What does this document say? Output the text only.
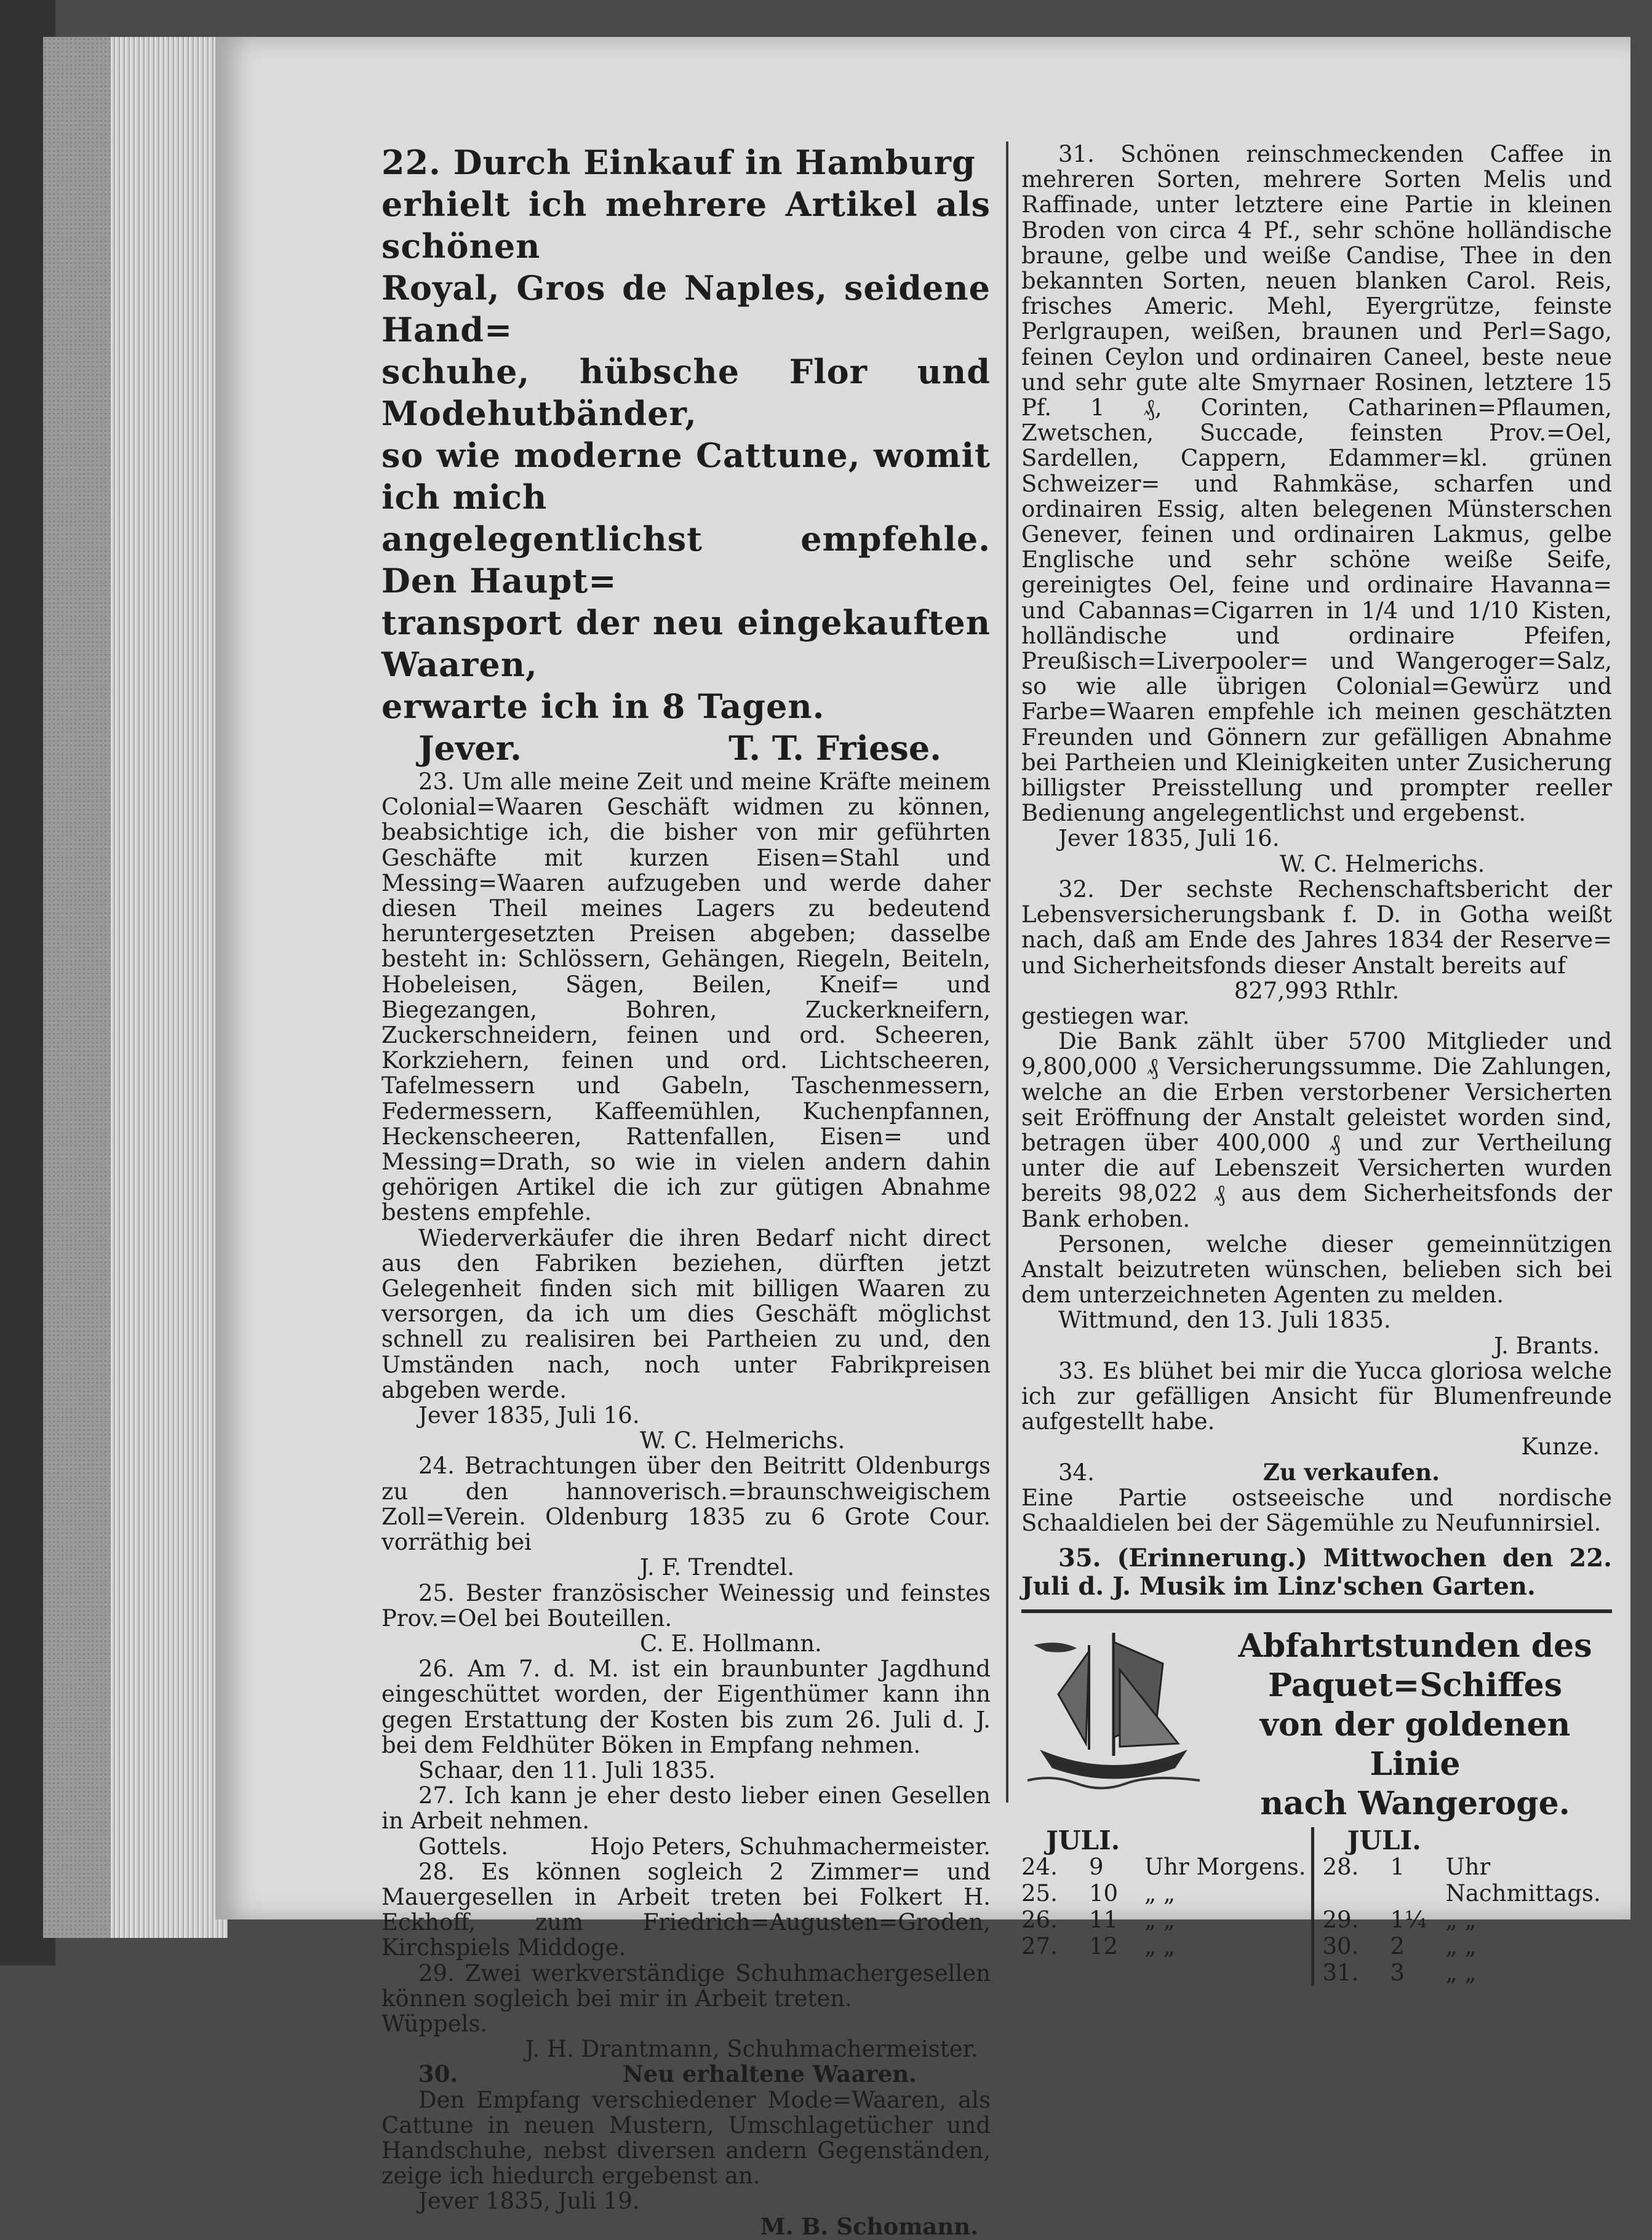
22. Durch Einkauf in Hamburg

erhielt ich mehrere Artikel als schönen

Royal, Gros de Naples, seidene Hand=

schuhe, hübsche Flor und Modehutbänder,

so wie moderne Cattune, womit ich mich

angelegentlichst empfehle. Den Haupt=

transport der neu eingekauften Waaren,

erwarte ich in 8 Tagen.

Jever.	T. T. Friese.

23. Um alle meine Zeit und meine Kräfte meinem Colonial=Waaren Geschäft widmen zu können, beabsichtige ich, die bisher von mir geführten Geschäfte mit kurzen Eisen=Stahl und Messing=Waaren aufzugeben und werde daher diesen Theil meines Lagers zu bedeutend heruntergesetzten Preisen abgeben; dasselbe besteht in: Schlössern, Gehängen, Riegeln, Beiteln, Hobeleisen, Sägen, Beilen, Kneif= und Biegezangen, Bohren, Zuckerkneifern, Zuckerschneidern, feinen und ord. Scheeren, Korkziehern, feinen und ord. Lichtscheeren, Tafelmessern und Gabeln, Taschenmessern, Federmessern, Kaffeemühlen, Kuchenpfannen, Heckenscheeren, Rattenfallen, Eisen= und Messing=Drath, so wie in vielen andern dahin gehörigen Artikel die ich zur gütigen Abnahme bestens empfehle.

Wiederverkäufer die ihren Bedarf nicht direct aus den Fabriken beziehen, dürften jetzt Gelegenheit finden sich mit billigen Waaren zu versorgen, da ich um dies Geschäft möglichst schnell zu realisiren bei Partheien zu und, den Umständen nach, noch unter Fabrikpreisen abgeben werde.

Jever 1835, Juli 16.

W. C. Helmerichs.

24. Betrachtungen über den Beitritt Oldenburgs zu den hannoverisch.=braunschweigischem Zoll=Verein. Oldenburg 1835 zu 6 Grote Cour. vorräthig bei

J. F. Trendtel.

25. Bester französischer Weinessig und feinstes Prov.=Oel bei Bouteillen.

C. E. Hollmann.

26. Am 7. d. M. ist ein braunbunter Jagdhund eingeschüttet worden, der Eigenthümer kann ihn gegen Erstattung der Kosten bis zum 26. Juli d. J. bei dem Feldhüter Böken in Empfang nehmen.

Schaar, den 11. Juli 1835.

27. Ich kann je eher desto lieber einen Gesellen in Arbeit nehmen.

Gottels.	Hojo Peters, Schuhmachermeister.

28. Es können sogleich 2 Zimmer= und Mauergesellen in Arbeit treten bei Folkert H. Eckhoff, zum Friedrich=Augusten=Groden, Kirchspiels Middoge.

29. Zwei werkverständige Schuhmachergesellen können sogleich bei mir in Arbeit treten.

Wüppels.

J. H. Drantmann, Schuhmachermeister.

30.	Neu erhaltene Waaren.

Den Empfang verschiedener Mode=Waaren, als Cattune in neuen Mustern, Umschlagetücher und Handschuhe, nebst diversen andern Gegenständen, zeige ich hiedurch ergebenst an.

Jever 1835, Juli 19.

M. B. Schomann.

31. Schönen reinschmeckenden Caffee in mehreren Sorten, mehrere Sorten Melis und Raffinade, unter letztere eine Partie in kleinen Broden von circa 4 Pf., sehr schöne holländische braune, gelbe und weiße Candise, Thee in den bekannten Sorten, neuen blanken Carol. Reis, frisches Americ. Mehl, Eyergrütze, feinste Perlgraupen, weißen, braunen und Perl=Sago, feinen Ceylon und ordinairen Caneel, beste neue und sehr gute alte Smyrnaer Rosinen, letztere 15 Pf. 1 ₰, Corinten, Catharinen=Pflaumen, Zwetschen, Succade, feinsten Prov.=Oel, Sardellen, Cappern, Edammer=kl. grünen Schweizer= und Rahmkäse, scharfen und ordinairen Essig, alten belegenen Münsterschen Genever, feinen und ordinairen Lakmus, gelbe Englische und sehr schöne weiße Seife, gereinigtes Oel, feine und ordinaire Havanna= und Cabannas=Cigarren in 1/4 und 1/10 Kisten, holländische und ordinaire Pfeifen, Preußisch=Liverpooler= und Wangeroger=Salz, so wie alle übrigen Colonial=Gewürz und Farbe=Waaren empfehle ich meinen geschätzten Freunden und Gönnern zur gefälligen Abnahme bei Partheien und Kleinigkeiten unter Zusicherung billigster Preisstellung und prompter reeller Bedienung angelegentlichst und ergebenst.

Jever 1835, Juli 16.

W. C. Helmerichs.

32. Der sechste Rechenschaftsbericht der Lebensversicherungsbank f. D. in Gotha weißt nach, daß am Ende des Jahres 1834 der Reserve= und Sicherheitsfonds dieser Anstalt bereits auf

827,993 Rthlr.

gestiegen war.

Die Bank zählt über 5700 Mitglieder und 9,800,000 ₰ Versicherungssumme. Die Zahlungen, welche an die Erben verstorbener Versicherten seit Eröffnung der Anstalt geleistet worden sind, betragen über 400,000 ₰ und zur Vertheilung unter die auf Lebenszeit Versicherten wurden bereits 98,022 ₰ aus dem Sicherheitsfonds der Bank erhoben.

Personen, welche dieser gemeinnützigen Anstalt beizutreten wünschen, belieben sich bei dem unterzeichneten Agenten zu melden.

Wittmund, den 13. Juli 1835.

J. Brants.

33. Es blühet bei mir die Yucca gloriosa welche ich zur gefälligen Ansicht für Blumenfreunde aufgestellt habe.

Kunze.

34.	Zu verkaufen.

Eine Partie ostseeische und nordische Schaaldielen bei der Sägemühle zu Neufunnirsiel.

35. (Erinnerung.) Mittwochen den 22. Juli d. J. Musik im Linz'schen Garten.

Abfahrtstunden des
Paquet=Schiffes
von der goldenen Linie
nach Wangeroge.
JULI.
24.	9	Uhr Morgens.
25.	10	„ „
26.	11	„ „
27.	12	„ „
JULI.
28.	1	Uhr Nachmittags.
29.	1¼ „ „
30.	2	„ „
31.	3	„ „
